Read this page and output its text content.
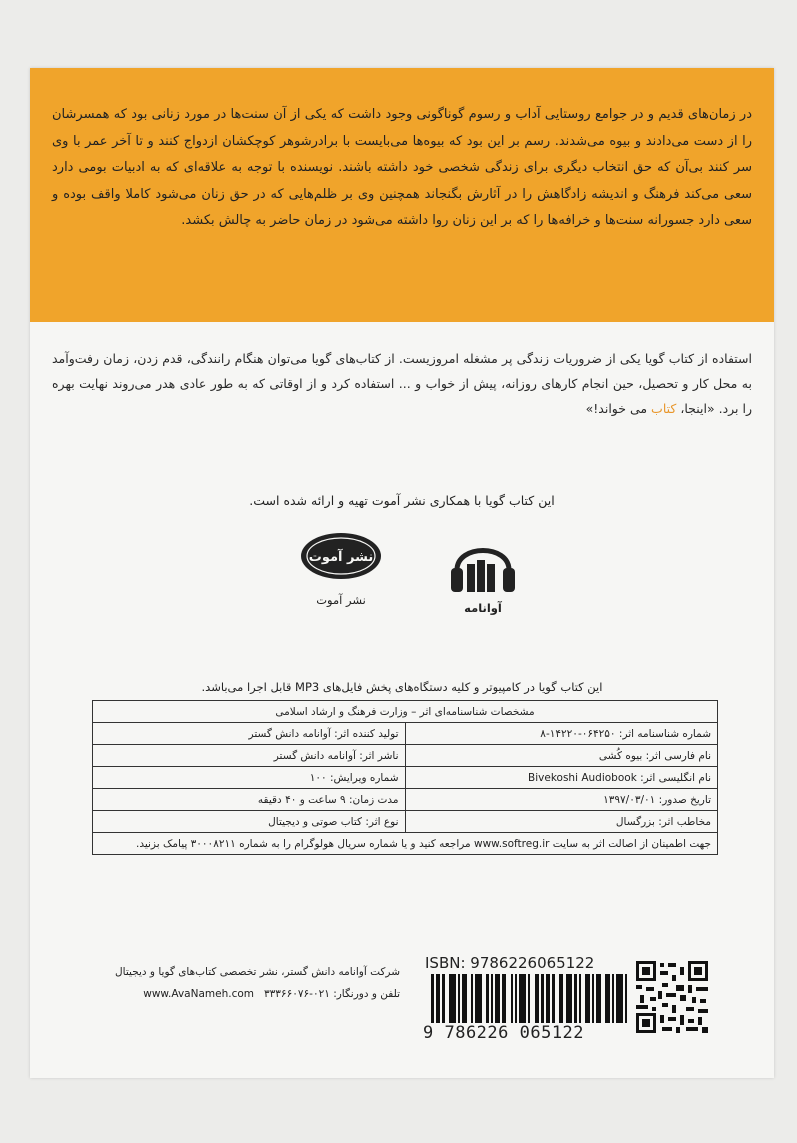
در زمان‌های قدیم و در جوامع روستایی آداب و رسوم گوناگونی وجود داشت که یکی از آن سنت‌ها در مورد زنانی بود که همسرشان را از دست می‌دادند و بیوه می‌شدند. رسم بر این بود که بیوه‌ها می‌بایست با برادرشوهر کوچکشان ازدواج کنند و تا آخر عمر با وی سر کنند بی‌آن که حق انتخاب دیگری برای زندگی شخصی خود داشته باشند. نویسنده با توجه به علاقه‌ای که به ادبیات بومی دارد سعی می‌کند فرهنگ و اندیشه زادگاهش را در آثارش بگنجاند همچنین وی بر ظلم‌هایی که در حق زنان می‌شود کاملا واقف بوده و سعی دارد جسورانه سنت‌ها و خرافه‌ها را که بر این زنان روا داشته می‌شود در زمان حاضر به چالش بکشد.

استفاده از کتاب گویا یکی از ضروریات زندگی پر مشغله امروزیست. از کتاب‌های گویا می‌توان هنگام رانندگی، قدم زدن، زمان رفت‌وآمد به محل کار و تحصیل، حین انجام کارهای روزانه، پیش از خواب و ... استفاده کرد و از اوقاتی که به طور عادی هدر می‌روند نهایت بهره را برد. «اینجا، کتاب می خواند!»

این کتاب گویا با همکاری نشر آموت تهیه و ارائه شده است.
آوانامه
نشر آموت
نشر آموت
این کتاب گویا در کامپیوتر و کلیه دستگاه‌های پخش فایل‌های MP3 قابل اجرا می‌باشد.
مشخصات شناسنامه‌ای اثر – وزارت فرهنگ و ارشاد اسلامی	
شماره شناسنامه اثر: ۰۶۴۲۵۰-۱۴۲۲۰-۸	تولید کننده اثر: آوانامه دانش گستر
نام فارسی اثر: بیوه کُشی	ناشر اثر: آوانامه دانش گستر
نام انگلیسی اثر: Bivekoshi Audiobook	شماره ویرایش: ۱۰۰
تاریخ صدور: ۱۳۹۷/۰۳/۰۱	مدت زمان: ۹ ساعت و ۴۰ دقیقه
مخاطب اثر: بزرگسال	نوع اثر: کتاب صوتی و دیجیتال
جهت اطمینان از اصالت اثر به سایت www.softreg.ir مراجعه کنید و یا شماره سریال هولوگرام را به شماره ۳۰۰۰۸۲۱۱ پیامک بزنید.	
شرکت آوانامه دانش گستر، نشر تخصصی کتاب‌های گویا و دیجیتال
تلفن و دورنگار: ۰۲۱-۳۳۳۶۶۰۷۶   www.AvaNameh.com
ISBN: 9786226065122
9 786226 065122
